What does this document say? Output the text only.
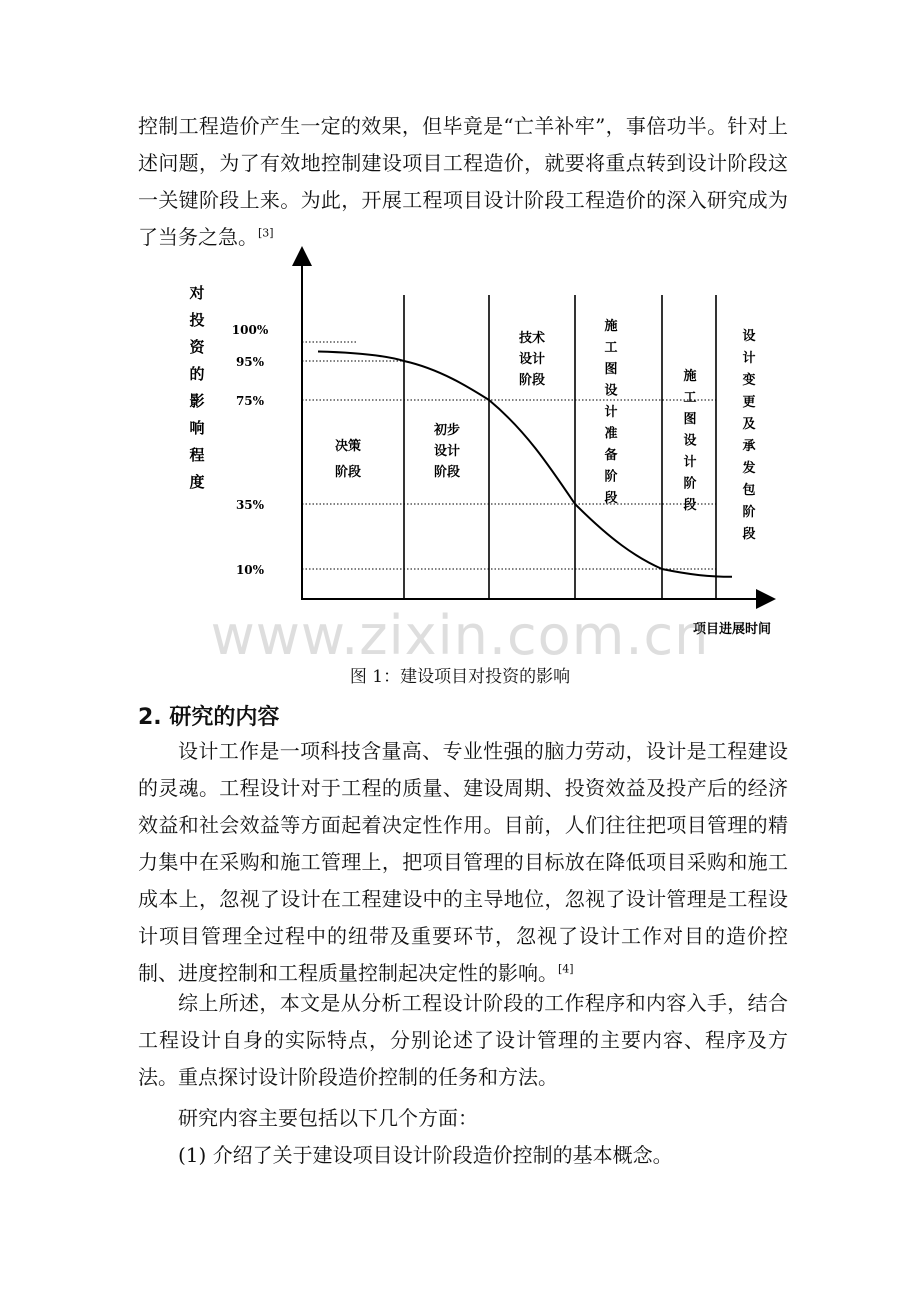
控制工程造价产生一定的效果，但毕竟是“亡羊补牢”，事倍功半。针对上述问题，为了有效地控制建设项目工程造价，就要将重点转到设计阶段这一关键阶段上来。为此，开展工程项目设计阶段工程造价的深入研究成为了当务之急。[3]

对
投
资
的
影
响
程
度
100%
95%
75%
35%
10%
决策
阶段
初步
设计
阶段
技术
设计
阶段
施
工
图
设
计
准
备
阶
段
施
工
图
设
计
阶
段
设
计
变
更
及
承
发
包
阶
段
项目进展时间
www.zixin.com.cn
图 1：建设项目对投资的影响
2. 研究的内容

设计工作是一项科技含量高、专业性强的脑力劳动，设计是工程建设的灵魂。工程设计对于工程的质量、建设周期、投资效益及投产后的经济效益和社会效益等方面起着决定性作用。目前，人们往往把项目管理的精力集中在采购和施工管理上，把项目管理的目标放在降低项目采购和施工成本上，忽视了设计在工程建设中的主导地位，忽视了设计管理是工程设计项目管理全过程中的纽带及重要环节，忽视了设计工作对目的造价控制、进度控制和工程质量控制起决定性的影响。[4]

综上所述，本文是从分析工程设计阶段的工作程序和内容入手，结合工程设计自身的实际特点，分别论述了设计管理的主要内容、程序及方法。重点探讨设计阶段造价控制的任务和方法。

研究内容主要包括以下几个方面：

(1) 介绍了关于建设项目设计阶段造价控制的基本概念。
